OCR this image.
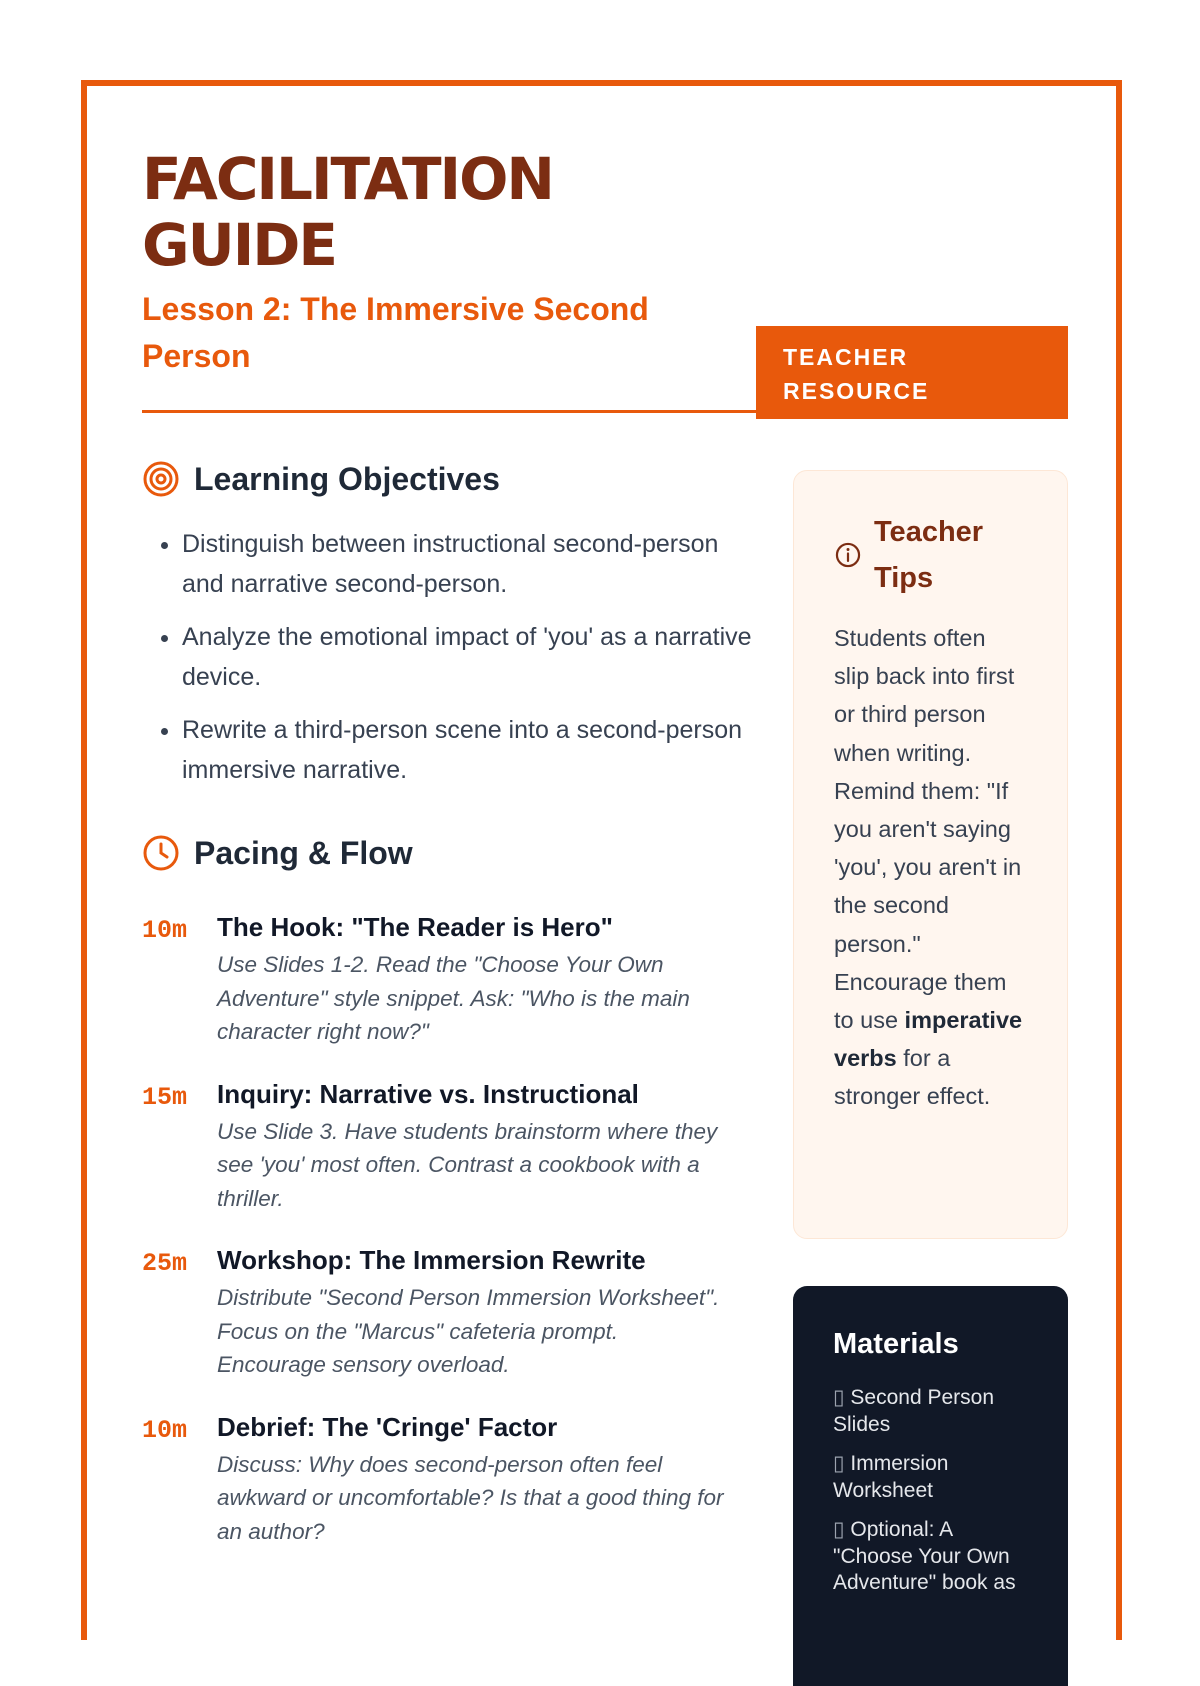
FACILITATION GUIDE
Lesson 2: The Immersive Second Person	TEACHER RESOURCE
Learning Objectives
• Distinguish between instructional second-person and narrative second-person.
• Analyze the emotional impact of 'you' as a narrative device.
• Rewrite a third-person scene into a second-person immersive narrative.
Pacing & Flow
10m	The Hook: "The Reader is Hero"
Use Slides 1-2. Read the "Choose Your Own Adventure" style snippet. Ask: "Who is the main character right now?"
15m	Inquiry: Narrative vs. Instructional
Use Slide 3. Have students brainstorm where they see 'you' most often. Contrast a cookbook with a thriller.
25m	Workshop: The Immersion Rewrite
Distribute "Second Person Immersion Worksheet". Focus on the "Marcus" cafeteria prompt. Encourage sensory overload.
10m	Debrief: The 'Cringe' Factor
Discuss: Why does second-person often feel awkward or uncomfortable? Is that a good thing for an author?
Teacher Tips
Students often slip back into first or third person when writing. Remind them: "If you aren't saying 'you', you aren't in the second person." Encourage them to use imperative verbs for a stronger effect.
Materials
▯ Second Person Slides
▯ Immersion Worksheet
▯ Optional: A "Choose Your Own Adventure" book as
